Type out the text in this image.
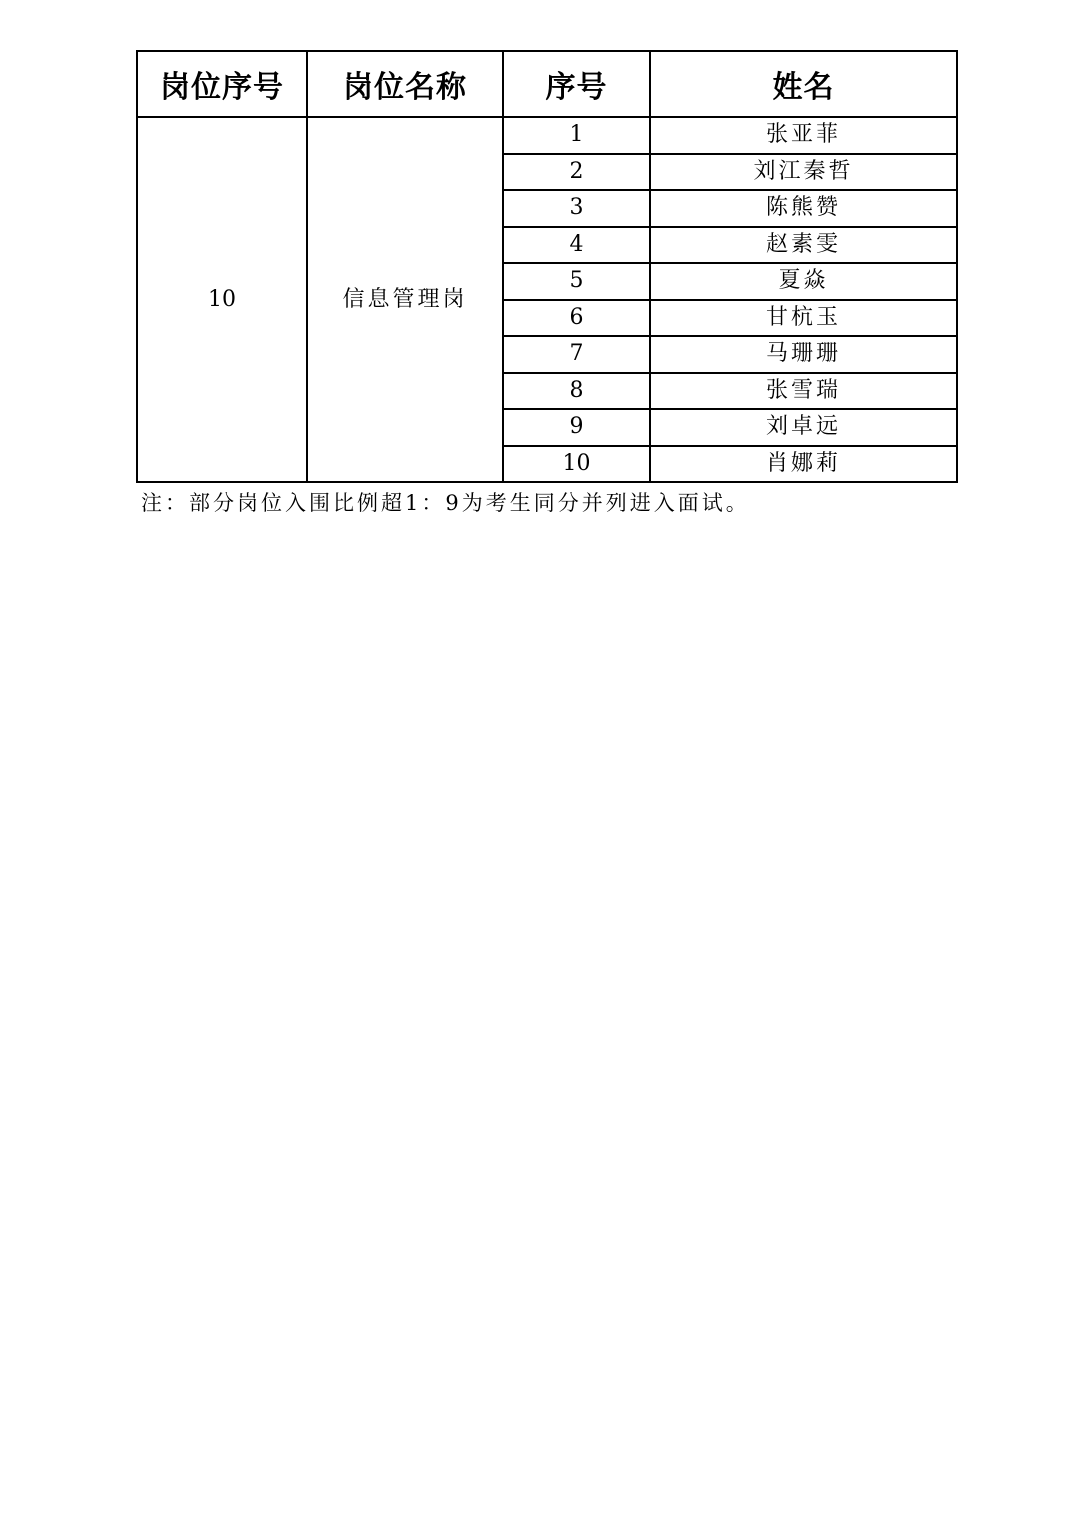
岗位序号	岗位名称	序号	姓名
10	信息管理岗	1	张亚菲
		2	刘江秦哲
		3	陈熊赞
		4	赵素雯
		5	夏焱
		6	甘杭玉
		7	马珊珊
		8	张雪瑞
		9	刘卓远
		10	肖娜莉
注：部分岗位入围比例超1：9为考生同分并列进入面试。
